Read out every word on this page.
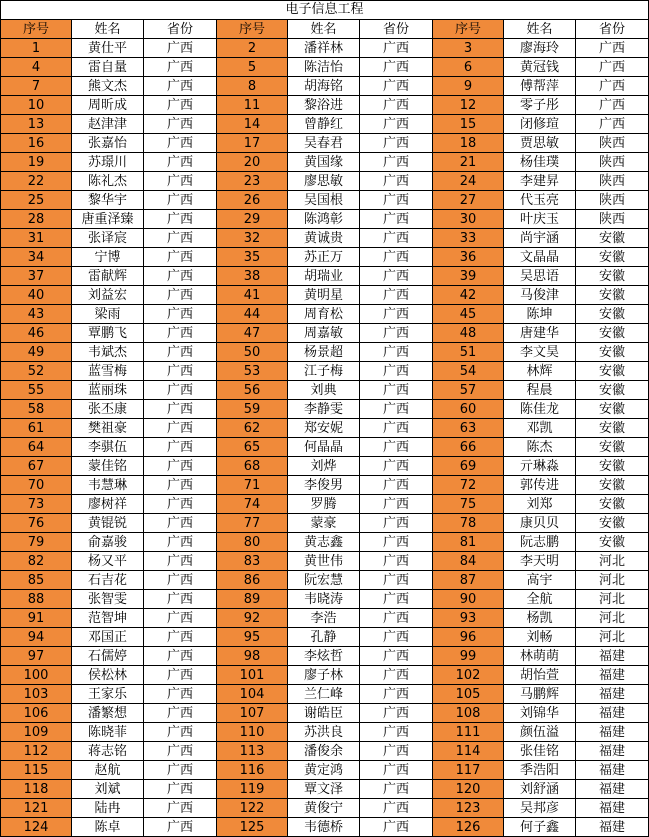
电子信息工程
序号	姓名	省份	序号	姓名	省份	序号	姓名	省份
1	黄仕平	广西	2	潘祥林	广西	3	廖海玲	广西
4	雷自量	广西	5	陈洁怡	广西	6	黄冠钱	广西
7	熊文杰	广西	8	胡海铭	广西	9	傅帮萍	广西
10	周昕成	广西	11	黎浴进	广西	12	零子彤	广西
13	赵津津	广西	14	曾静红	广西	15	闭修瑄	广西
16	张嘉怡	广西	17	吴春君	广西	18	贾思敏	陕西
19	苏璟川	广西	20	黄国缘	广西	21	杨佳璞	陕西
22	陈礼杰	广西	23	廖思敏	广西	24	李建昇	陕西
25	黎华宇	广西	26	吴国根	广西	27	代玉亮	陕西
28	唐重泽臻	广西	29	陈鸿彰	广西	30	叶庆玉	陕西
31	张译宸	广西	32	黄诚贵	广西	33	尚宇涵	安徽
34	宁博	广西	35	苏正万	广西	36	文晶晶	安徽
37	雷献辉	广西	38	胡瑞业	广西	39	吴思语	安徽
40	刘益宏	广西	41	黄明星	广西	42	马俊津	安徽
43	梁雨	广西	44	周育松	广西	45	陈坤	安徽
46	覃鹏飞	广西	47	周嘉敏	广西	48	唐建华	安徽
49	韦斌杰	广西	50	杨景超	广西	51	李文昊	安徽
52	蓝雪梅	广西	53	江子梅	广西	54	林辉	安徽
55	蓝丽珠	广西	56	刘典	广西	57	程晨	安徽
58	张丕康	广西	59	李静雯	广西	60	陈佳龙	安徽
61	樊祖豪	广西	62	郑安妮	广西	63	邓凯	安徽
64	李骐伍	广西	65	何晶晶	广西	66	陈杰	安徽
67	蒙佳铭	广西	68	刘烨	广西	69	亓琳淼	安徽
70	韦慧琳	广西	71	李俊男	广西	72	郭传进	安徽
73	廖树祥	广西	74	罗腾	广西	75	刘郑	安徽
76	黄锟锐	广西	77	蒙豪	广西	78	康贝贝	安徽
79	俞嘉骏	广西	80	黄志鑫	广西	81	阮志鹏	安徽
82	杨又平	广西	83	黄世伟	广西	84	李天明	河北
85	石吉花	广西	86	阮宏慧	广西	87	高宇	河北
88	张智雯	广西	89	韦晓涛	广西	90	全航	河北
91	范智坤	广西	92	李浩	广西	93	杨凯	河北
94	邓国正	广西	95	孔静	广西	96	刘畅	河北
97	石儒婷	广西	98	李炫哲	广西	99	林萌萌	福建
100	侯松林	广西	101	廖子林	广西	102	胡怡萱	福建
103	王家乐	广西	104	兰仁峰	广西	105	马鹏辉	福建
106	潘繁想	广西	107	谢皓臣	广西	108	刘锦华	福建
109	陈晓菲	广西	110	苏洪良	广西	111	颜伍溢	福建
112	蒋志铭	广西	113	潘俊余	广西	114	张佳铭	福建
115	赵航	广西	116	黄定鸿	广西	117	季浩阳	福建
118	刘斌	广西	119	覃文泽	广西	120	刘舒涵	福建
121	陆冉	广西	122	黄俊宁	广西	123	吴邦彦	福建
124	陈卓	广西	125	韦德桥	广西	126	何子鑫	福建
